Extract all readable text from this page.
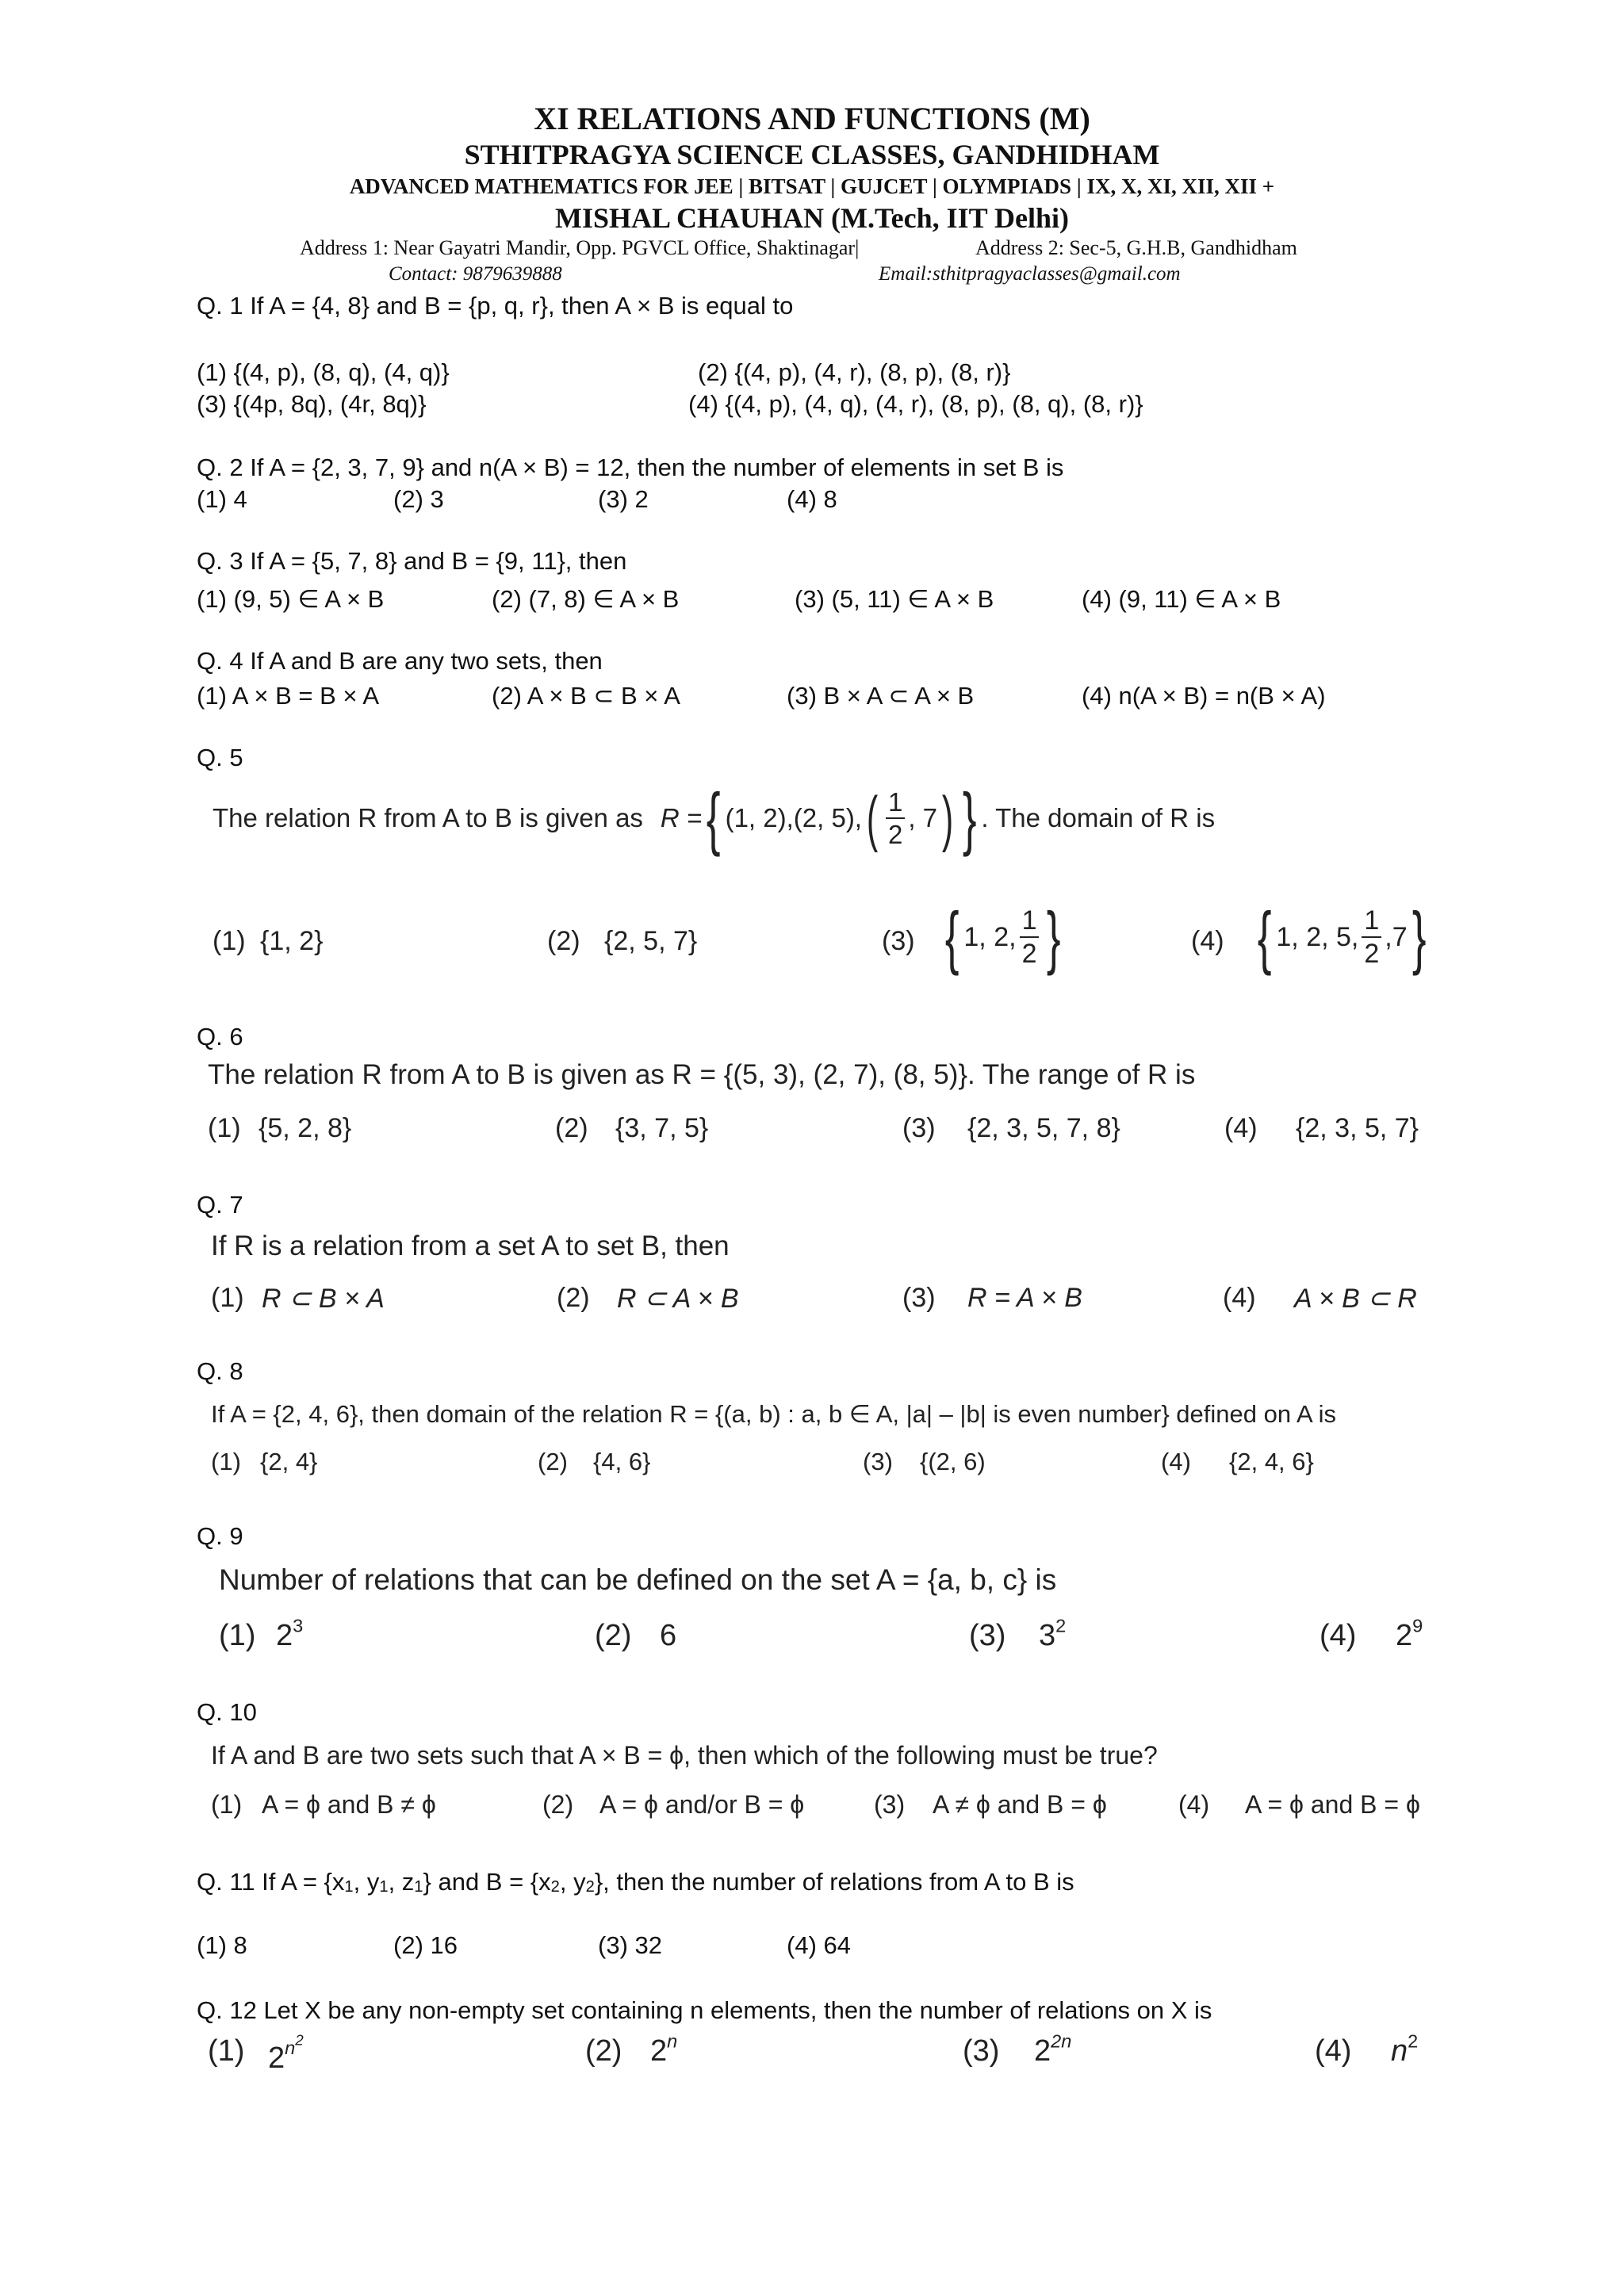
XI RELATIONS AND FUNCTIONS (M)
STHITPRAGYA SCIENCE CLASSES, GANDHIDHAM
ADVANCED MATHEMATICS FOR JEE | BITSAT | GUJCET | OLYMPIADS | IX, X, XI, XII, XII +
MISHAL CHAUHAN (M.Tech, IIT Delhi)
Address 1: Near Gayatri Mandir, Opp. PGVCL Office, Shaktinagar|	Address 2: Sec-5, G.H.B, Gandhidham
Contact: 9879639888	Email:sthitpragyaclasses@gmail.com
Q. 1 If A = {4, 8} and B = {p, q, r}, then A × B is equal to
(1) {(4, p), (8, q), (4, q)}	(2) {(4, p), (4, r), (8, p), (8, r)}
(3) {(4p, 8q), (4r, 8q)}	(4) {(4, p), (4, q), (4, r), (8, p), (8, q), (8, r)}
Q. 2 If A = {2, 3, 7, 9} and n(A × B) = 12, then the number of elements in set B is
(1) 4	(2) 3	(3) 2	(4) 8
Q. 3 If A = {5, 7, 8} and B = {9, 11}, then
(1) (9, 5) ∈ A × B	(2) (7, 8) ∈ A × B	(3) (5, 11) ∈ A × B	(4) (9, 11) ∈ A × B
Q. 4 If A and B are any two sets, then
(1) A × B = B × A	(2) A × B ⊂ B × A	(3) B × A ⊂ A × B	(4) n(A × B) = n(B × A)
Q. 5
The relation R from A to B is given as R = { (1, 2),(2, 5), ( $\frac{1}{2}$ , 7 ) } . The domain of R is
(1) {1, 2}	(2) {2, 5, 7}	(3) { 1, 2, $\frac{1}{2}$ }	(4) { 1, 2, 5, $\frac{1}{2} ,7$ }
Q. 6
The relation R from A to B is given as R = {(5, 3), (2, 7), (8, 5)}. The range of R is
(1) {5, 2, 8}	(2) {3, 7, 5}	(3) {2, 3, 5, 7, 8}	(4) {2, 3, 5, 7}
Q. 7
If R is a relation from a set A to set B, then
(1) R ⊂ B × A	(2) R ⊂ A × B	(3) R = A × B	(4) A × B ⊂ R
Q. 8
If A = {2, 4, 6}, then domain of the relation R = {(a, b) : a, b ∈ A, |a| – |b| is even number} defined on A is
(1) {2, 4}	(2) {4, 6}	(3) {(2, 6)	(4) {2, 4, 6}
Q. 9
Number of relations that can be defined on the set A = {a, b, c} is
(1) $2^3$	(2) 6	(3) $3^2$	(4) $2^9$
Q. 10
If A and B are two sets such that A × B = ϕ, then which of the following must be true?
(1) A = ϕ and B ≠ ϕ	(2) A = ϕ and/or B = ϕ	(3) A ≠ ϕ and B = ϕ	(4) A = ϕ and B = ϕ
Q. 11 If $A = \{x_1$, $y_1$, $z_1$} and $B = \{x_2$, $y_2$}, then the number of relations from A to B is
(1) 8	(2) 16	(3) 32	(4) 64
Q. 12 Let X be any non-empty set containing n elements, then the number of relations on X is
(1) $2^{n^2}$	(2) 2$^n$	(3) $2^{2n}$	(4) $n^2$
